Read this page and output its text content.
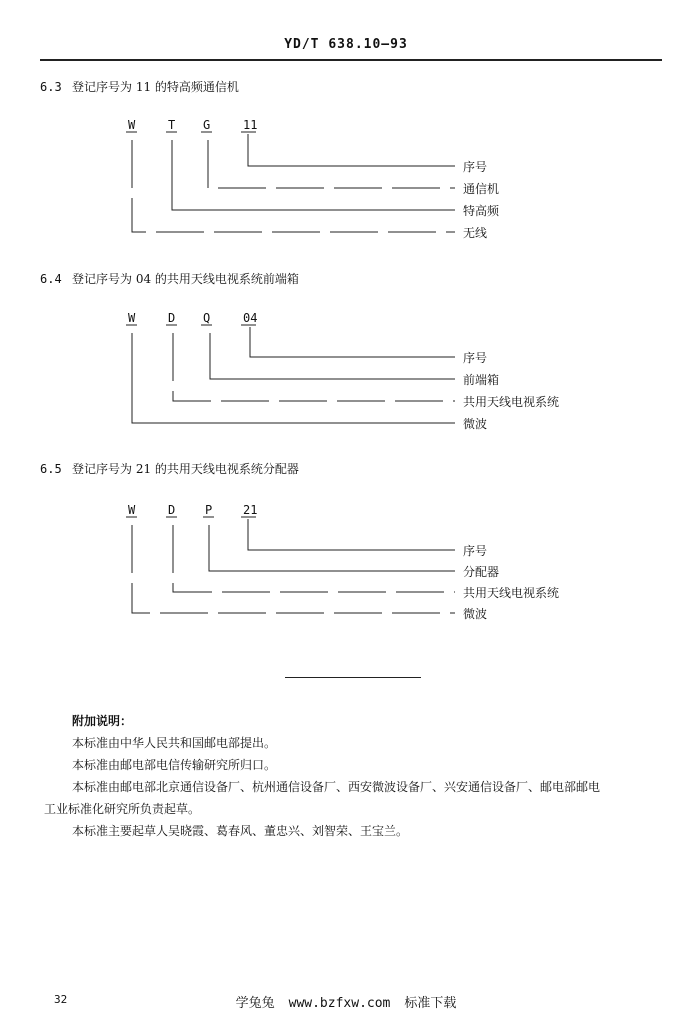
YD/T 638.10—93
6.3 登记序号为 11 的特高频通信机
W	T G	11
序号
通信机
特高频
无线
6.4 登记序号为 04 的共用天线电视系统前端箱
W	D Q	04
序号
前端箱
共用天线电视系统
微波
6.5 登记序号为 21 的共用天线电视系统分配器
W	D P	21
序号
分配器
共用天线电视系统
微波
附加说明：
本标准由中华人民共和国邮电部提出。
本标准由邮电部电信传输研究所归口。
本标准由邮电部北京通信设备厂、杭州通信设备厂、西安微波设备厂、兴安通信设备厂、邮电部邮电
工业标准化研究所负责起草。
本标准主要起草人吴晓霞、葛春风、董忠兴、刘智荣、王宝兰。
32	学兔兔 www.bzfxw.com 标准下载
